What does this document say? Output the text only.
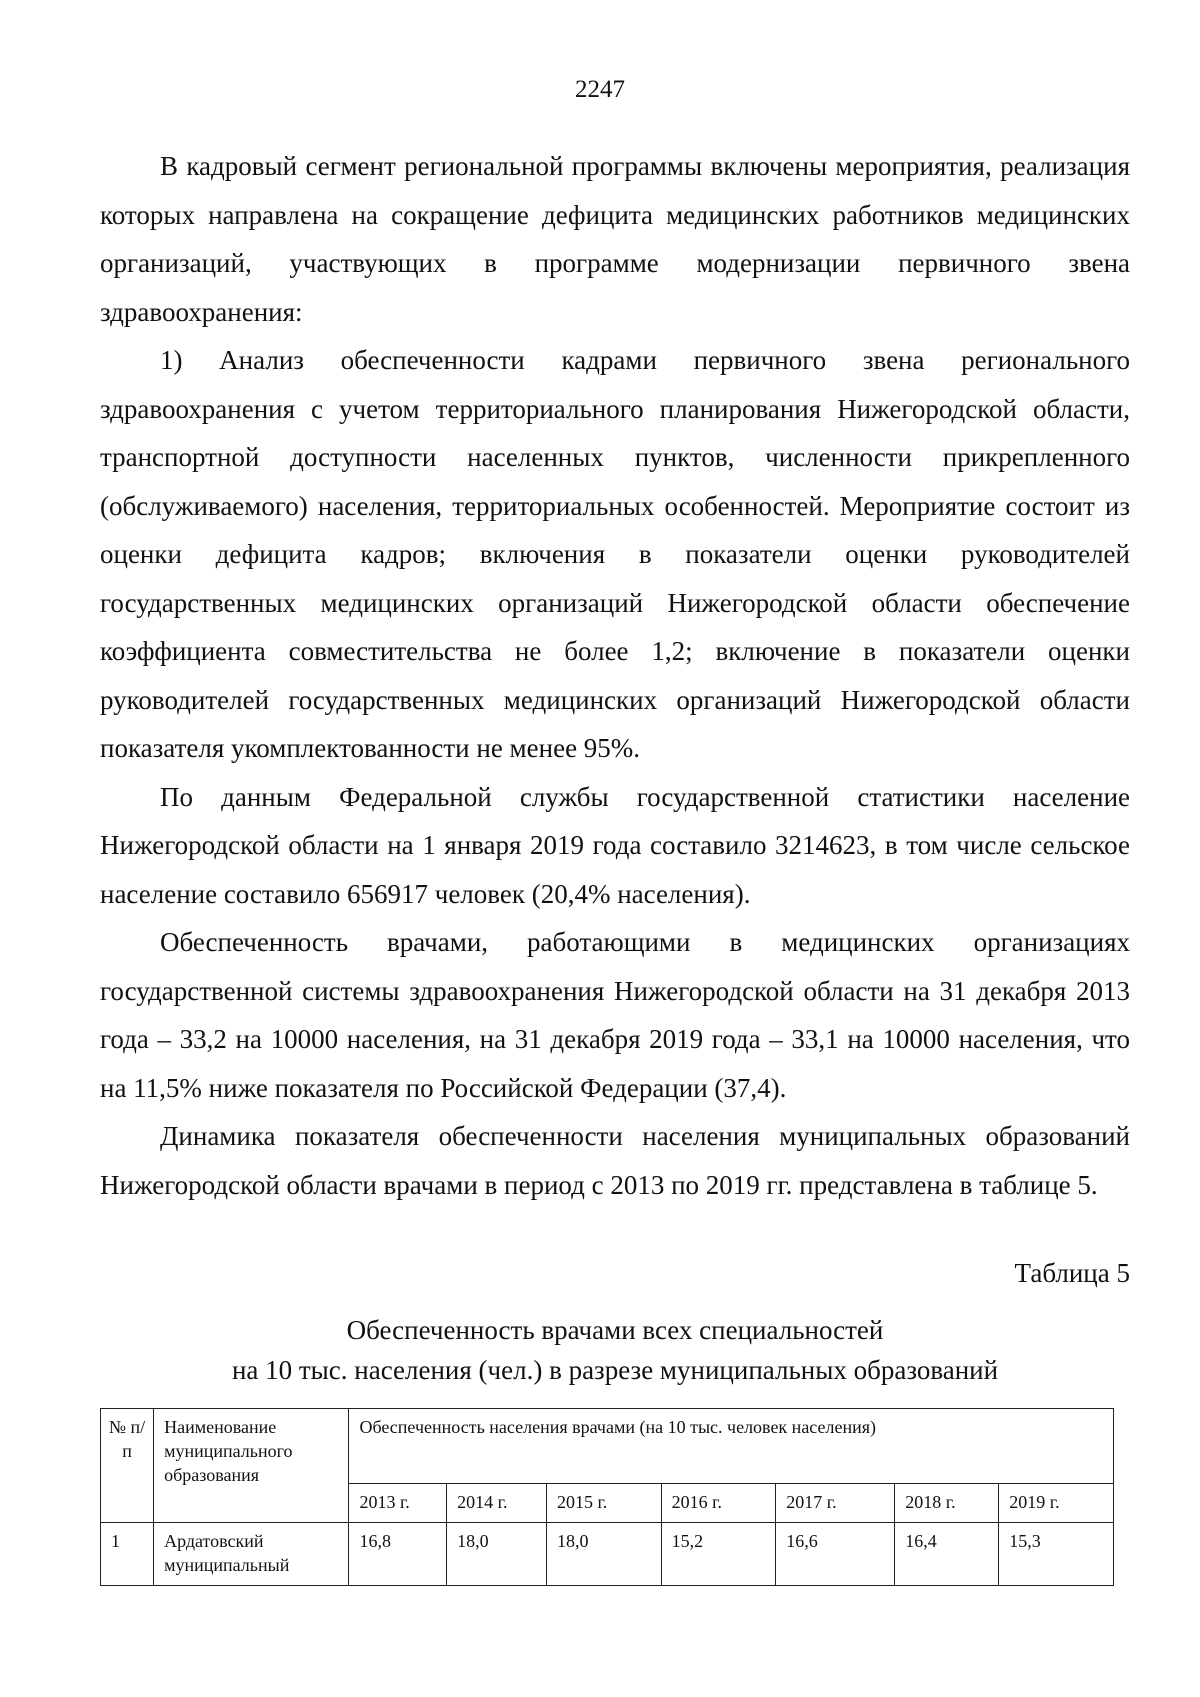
2247

В кадровый сегмент региональной программы включены мероприятия, реализация которых направлена на сокращение дефицита медицинских работников медицинских организаций, участвующих в программе модернизации первичного звена здравоохранения:

1) Анализ обеспеченности кадрами первичного звена регионального здравоохранения с учетом территориального планирования Нижегородской области, транспортной доступности населенных пунктов, численности прикрепленного (обслуживаемого) населения, территориальных особенностей. Мероприятие состоит из оценки дефицита кадров; включения в показатели оценки руководителей государственных медицинских организаций Нижегородской области обеспечение коэффициента совместительства не более 1,2; включение в показатели оценки руководителей государственных медицинских организаций Нижегородской области показателя укомплектованности не менее 95%.

По данным Федеральной службы государственной статистики население Нижегородской области на 1 января 2019 года составило 3214623, в том числе сельское население составило 656917 человек (20,4% населения).

Обеспеченность врачами, работающими в медицинских организациях государственной системы здравоохранения Нижегородской области на 31 декабря 2013 года – 33,2 на 10000 населения, на 31 декабря 2019 года – 33,1 на 10000 населения, что на 11,5% ниже показателя по Российской Федерации (37,4).

Динамика показателя обеспеченности населения муниципальных образований Нижегородской области врачами в период с 2013 по 2019 гг. представлена в таблице 5.

Таблица 5
Обеспеченность врачами всех специальностей
на 10 тыс. населения (чел.) в разрезе муниципальных образований
№ п/п	Наименование муниципального образования	Обеспеченность населения врачами (на 10 тыс. человек населения)						
		2013 г.	2014 г.	2015 г.	2016 г.	2017 г.	2018 г.	2019 г.
1	Ардатовский муниципальный	16,8	18,0	18,0	15,2	16,6	16,4	15,3
